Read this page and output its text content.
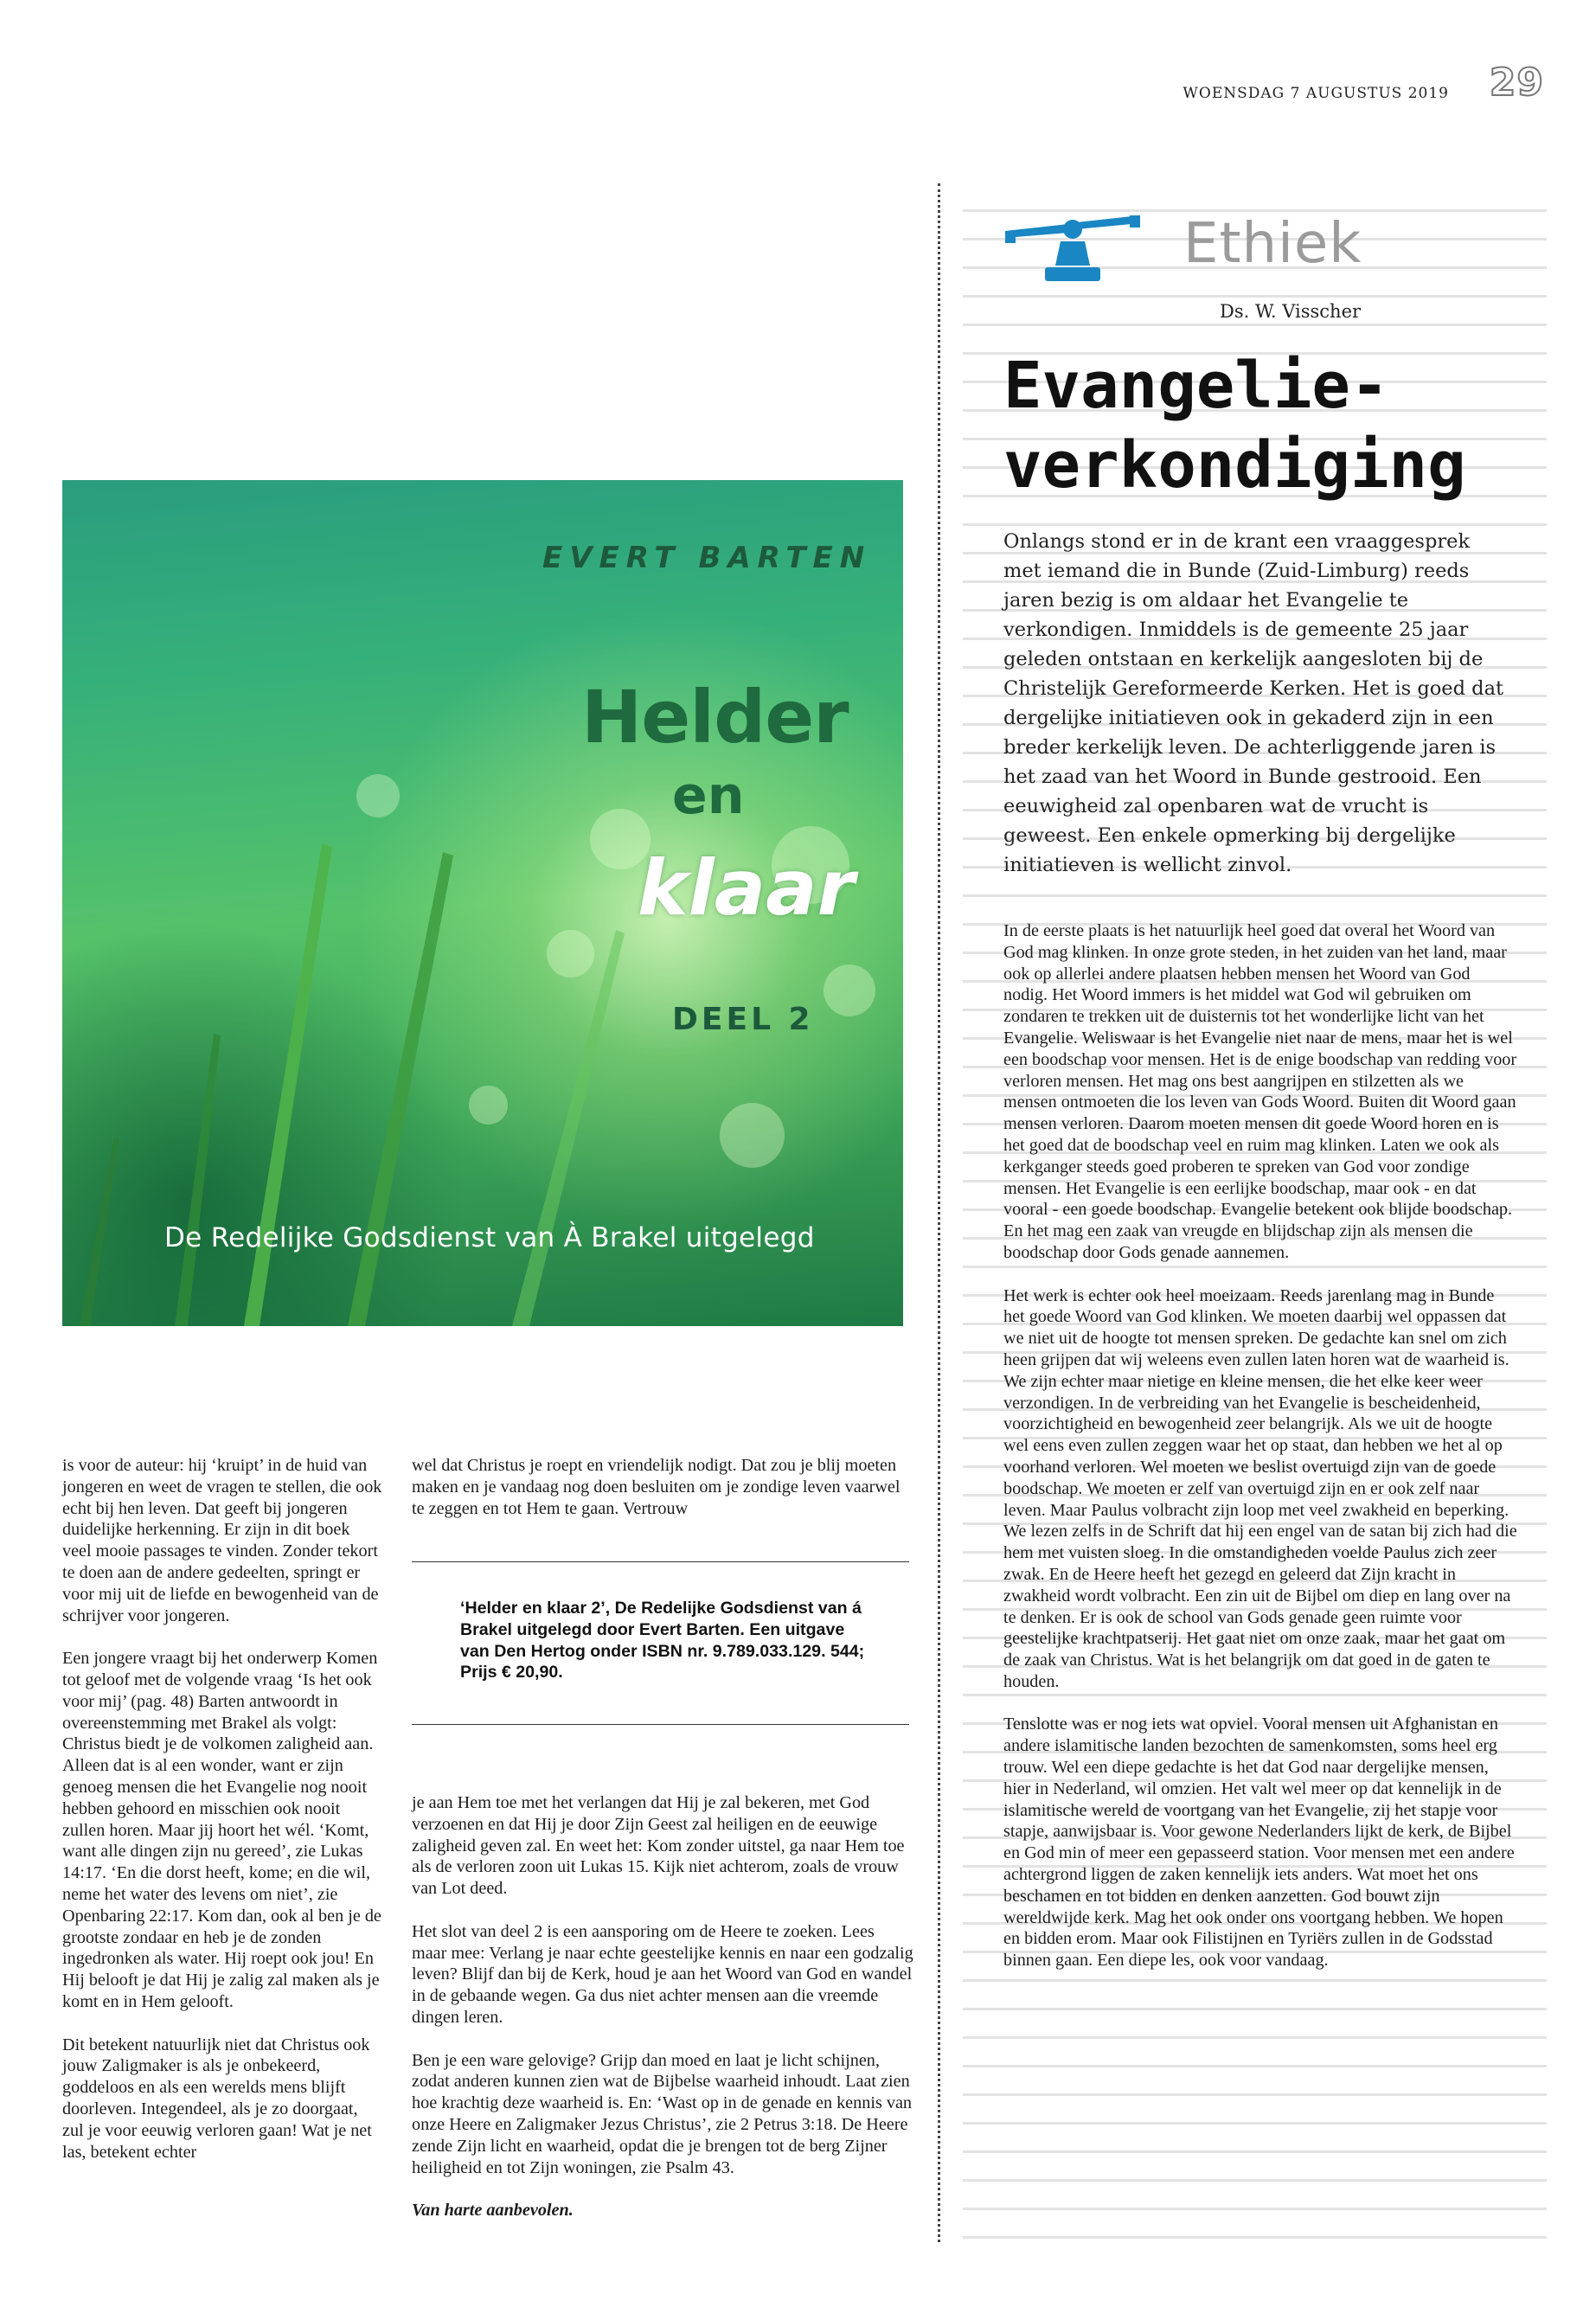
WOENSDAG 7 AUGUSTUS 2019 29
Ethiek
Ds. W. Visscher
Evangelie-
verkondiging

Onlangs stond er in de krant een vraaggesprek met iemand die in Bunde (Zuid-Limburg) reeds jaren bezig is om aldaar het Evangelie te verkondigen. Inmiddels is de gemeente 25 jaar geleden ontstaan en kerkelijk aangesloten bij de Christelijk Gereformeerde Kerken. Het is goed dat dergelijke initiatieven ook in gekaderd zijn in een breder kerkelijk leven. De achterliggende jaren is het zaad van het Woord in Bunde gestrooid. Een eeuwigheid zal openbaren wat de vrucht is geweest. Een enkele opmerking bij dergelijke initiatieven is wellicht zinvol.

In de eerste plaats is het natuurlijk heel goed dat overal het Woord van God mag klinken. In onze grote steden, in het zuiden van het land, maar ook op allerlei andere plaatsen hebben mensen het Woord van God nodig. Het Woord immers is het middel wat God wil gebruiken om zondaren te trekken uit de duisternis tot het wonderlijke licht van het Evangelie. Weliswaar is het Evangelie niet naar de mens, maar het is wel een boodschap voor mensen. Het is de enige boodschap van redding voor verloren mensen. Het mag ons best aangrijpen en stilzetten als we mensen ontmoeten die los leven van Gods Woord. Buiten dit Woord gaan mensen verloren. Daarom moeten mensen dit goede Woord horen en is het goed dat de boodschap veel en ruim mag klinken. Laten we ook als kerkganger steeds goed proberen te spreken van God voor zondige mensen. Het Evangelie is een eerlijke boodschap, maar ook - en dat vooral - een goede boodschap. Evangelie betekent ook blijde boodschap. En het mag een zaak van vreugde en blijdschap zijn als mensen die boodschap door Gods genade aannemen.

Het werk is echter ook heel moeizaam. Reeds jarenlang mag in Bunde het goede Woord van God klinken. We moeten daarbij wel oppassen dat we niet uit de hoogte tot mensen spreken. De gedachte kan snel om zich heen grijpen dat wij weleens even zullen laten horen wat de waarheid is. We zijn echter maar nietige en kleine mensen, die het elke keer weer verzondigen. In de verbreiding van het Evangelie is bescheidenheid, voorzichtigheid en bewogenheid zeer belangrijk. Als we uit de hoogte wel eens even zullen zeggen waar het op staat, dan hebben we het al op voorhand verloren. Wel moeten we beslist overtuigd zijn van de goede boodschap. We moeten er zelf van overtuigd zijn en er ook zelf naar leven. Maar Paulus volbracht zijn loop met veel zwakheid en beperking. We lezen zelfs in de Schrift dat hij een engel van de satan bij zich had die hem met vuisten sloeg. In die omstandigheden voelde Paulus zich zeer zwak. En de Heere heeft het gezegd en geleerd dat Zijn kracht in zwakheid wordt volbracht. Een zin uit de Bijbel om diep en lang over na te denken. Er is ook de school van Gods genade geen ruimte voor geestelijke krachtpatserij. Het gaat niet om onze zaak, maar het gaat om de zaak van Christus. Wat is het belangrijk om dat goed in de gaten te houden.

Tenslotte was er nog iets wat opviel. Vooral mensen uit Afghanistan en andere islamitische landen bezochten de samenkomsten, soms heel erg trouw. Wel een diepe gedachte is het dat God naar dergelijke mensen, hier in Nederland, wil omzien. Het valt wel meer op dat kennelijk in de islamitische wereld de voortgang van het Evangelie, zij het stapje voor stapje, aanwijsbaar is. Voor gewone Nederlanders lijkt de kerk, de Bijbel en God min of meer een gepasseerd station. Voor mensen met een andere achtergrond liggen de zaken kennelijk iets anders. Wat moet het ons beschamen en tot bidden en denken aanzetten. God bouwt zijn wereldwijde kerk. Mag het ook onder ons voortgang hebben. We hopen en bidden erom. Maar ook Filistijnen en Tyriërs zullen in de Godsstad binnen gaan. Een diepe les, ook voor vandaag.

EVERT BARTEN
Helder
en
klaar
DEEL 2
De Redelijke Godsdienst van À Brakel uitgelegd

is voor de auteur: hij ‘kruipt’ in de huid van jongeren en weet de vragen te stellen, die ook echt bij hen leven. Dat geeft bij jongeren duidelijke herkenning. Er zijn in dit boek veel mooie passages te vinden. Zonder tekort te doen aan de andere gedeelten, springt er voor mij uit de liefde en bewogenheid van de schrijver voor jongeren.

Een jongere vraagt bij het onderwerp Komen tot geloof met de volgende vraag ‘Is het ook voor mij’ (pag. 48) Barten antwoordt in overeenstemming met Brakel als volgt: Christus biedt je de volkomen zaligheid aan. Alleen dat is al een wonder, want er zijn genoeg mensen die het Evangelie nog nooit hebben gehoord en misschien ook nooit zullen horen. Maar jij hoort het wél. ‘Komt, want alle dingen zijn nu gereed’, zie Lukas 14:17. ‘En die dorst heeft, kome; en die wil, neme het water des levens om niet’, zie Openbaring 22:17. Kom dan, ook al ben je de grootste zondaar en heb je de zonden ingedronken als water. Hij roept ook jou! En Hij belooft je dat Hij je zalig zal maken als je komt en in Hem gelooft.

Dit betekent natuurlijk niet dat Christus ook jouw Zaligmaker is als je onbekeerd, goddeloos en als een werelds mens blijft doorleven. Integendeel, als je zo doorgaat, zul je voor eeuwig verloren gaan! Wat je net las, betekent echter

wel dat Christus je roept en vriendelijk nodigt. Dat zou je blij moeten maken en je vandaag nog doen besluiten om je zondige leven vaarwel te zeggen en tot Hem te gaan. Vertrouw

‘Helder en klaar 2’, De Redelijke Godsdienst van á Brakel uitgelegd door Evert Barten. Een uitgave van Den Hertog onder ISBN nr. 9.789.033.129. 544; Prijs € 20,90.

je aan Hem toe met het verlangen dat Hij je zal bekeren, met God verzoenen en dat Hij je door Zijn Geest zal heiligen en de eeuwige zaligheid geven zal. En weet het: Kom zonder uitstel, ga naar Hem toe als de verloren zoon uit Lukas 15. Kijk niet achterom, zoals de vrouw van Lot deed.

Het slot van deel 2 is een aansporing om de Heere te zoeken. Lees maar mee: Verlang je naar echte geestelijke kennis en naar een godzalig leven? Blijf dan bij de Kerk, houd je aan het Woord van God en wandel in de gebaande wegen. Ga dus niet achter mensen aan die vreemde dingen leren.

Ben je een ware gelovige? Grijp dan moed en laat je licht schijnen, zodat anderen kunnen zien wat de Bijbelse waarheid inhoudt. Laat zien hoe krachtig deze waarheid is. En: ‘Wast op in de genade en kennis van onze Heere en Zaligmaker Jezus Christus’, zie 2 Petrus 3:18. De Heere zende Zijn licht en waarheid, opdat die je brengen tot de berg Zijner heiligheid en tot Zijn woningen, zie Psalm 43.

Van harte aanbevolen.
